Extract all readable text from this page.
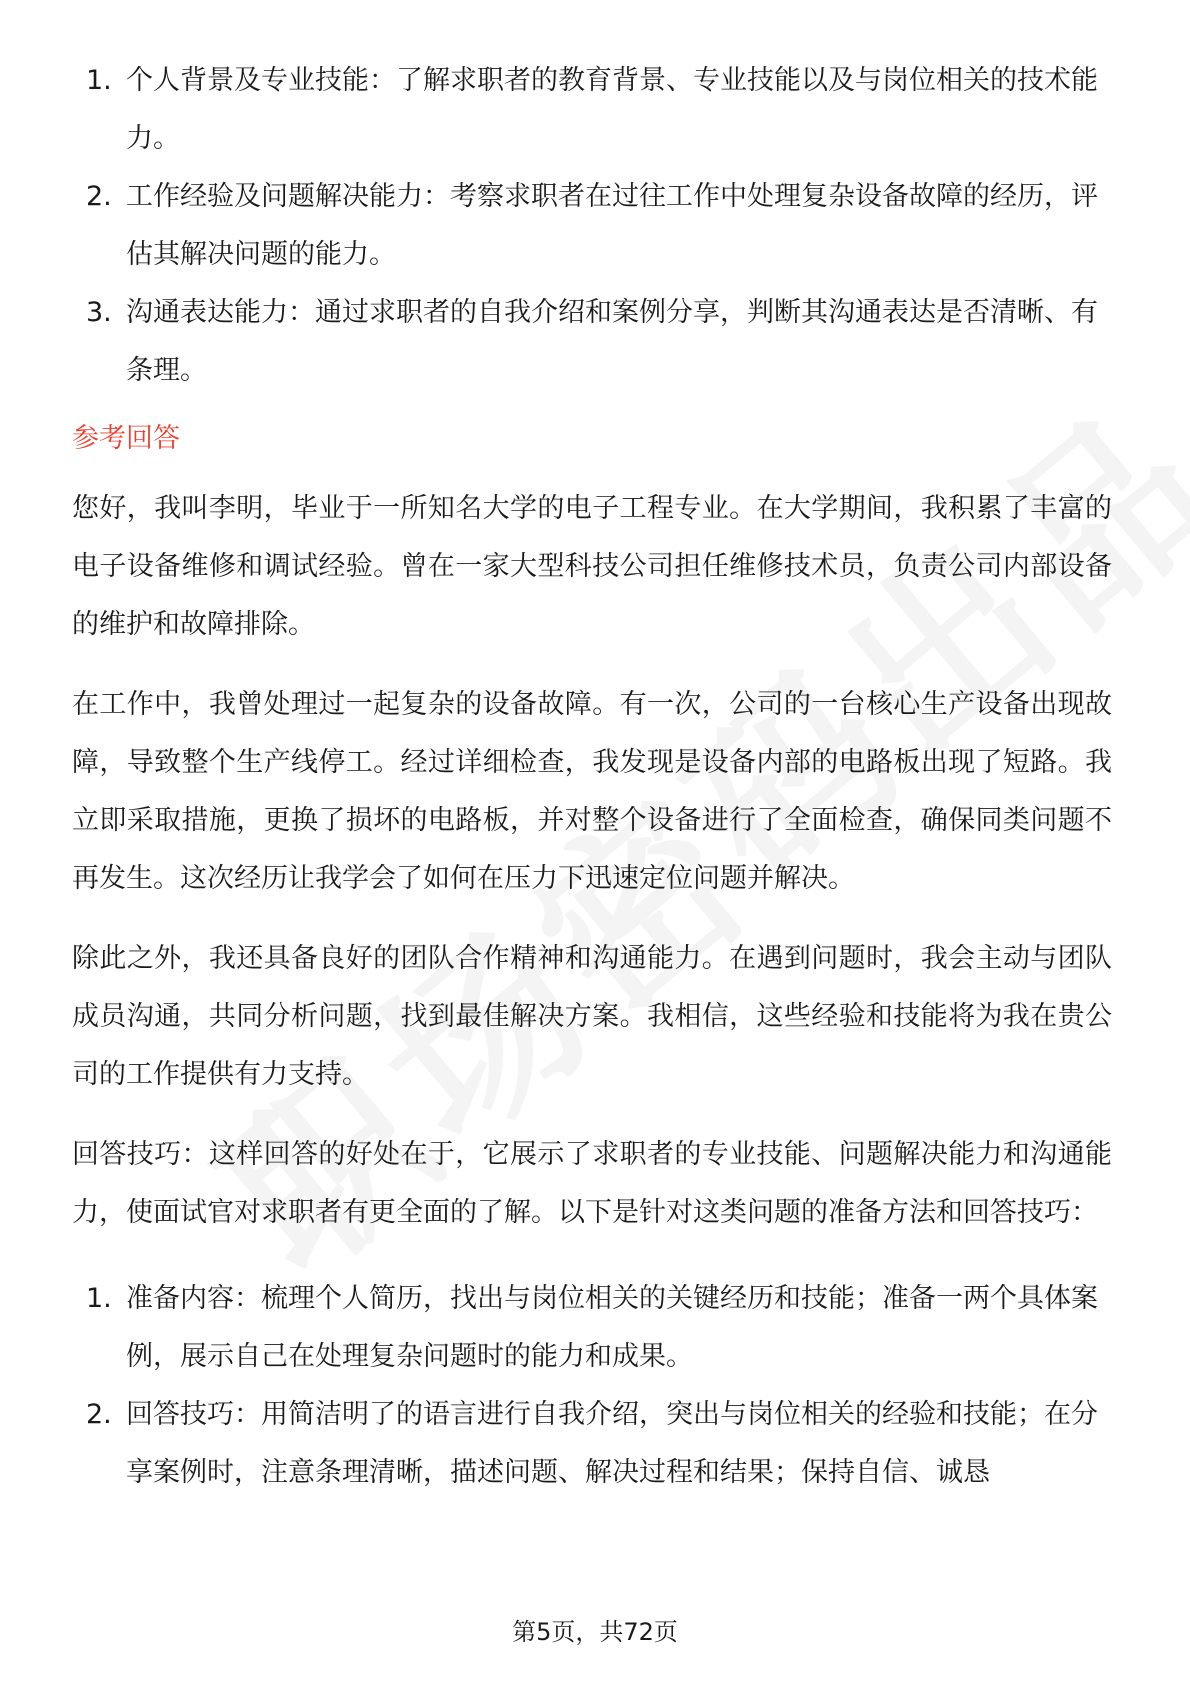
1. 个人背景及专业技能：了解求职者的教育背景、专业技能以及与岗位相关的技术能力。
2. 工作经验及问题解决能力：考察求职者在过往工作中处理复杂设备故障的经历，评估其解决问题的能力。
3. 沟通表达能力：通过求职者的自我介绍和案例分享，判断其沟通表达是否清晰、有条理。
参考回答

您好，我叫李明，毕业于一所知名大学的电子工程专业。在大学期间，我积累了丰富的电子设备维修和调试经验。曾在一家大型科技公司担任维修技术员，负责公司内部设备的维护和故障排除。

在工作中，我曾处理过一起复杂的设备故障。有一次，公司的一台核心生产设备出现故障，导致整个生产线停工。经过详细检查，我发现是设备内部的电路板出现了短路。我立即采取措施，更换了损坏的电路板，并对整个设备进行了全面检查，确保同类问题不再发生。这次经历让我学会了如何在压力下迅速定位问题并解决。

除此之外，我还具备良好的团队合作精神和沟通能力。在遇到问题时，我会主动与团队成员沟通，共同分析问题，找到最佳解决方案。我相信，这些经验和技能将为我在贵公司的工作提供有力支持。

回答技巧：这样回答的好处在于，它展示了求职者的专业技能、问题解决能力和沟通能力，使面试官对求职者有更全面的了解。以下是针对这类问题的准备方法和回答技巧：

1. 准备内容：梳理个人简历，找出与岗位相关的关键经历和技能；准备一两个具体案例，展示自己在处理复杂问题时的能力和成果。
2. 回答技巧：用简洁明了的语言进行自我介绍，突出与岗位相关的经验和技能；在分享案例时，注意条理清晰，描述问题、解决过程和结果；保持自信、诚恳
第5页，共72页
